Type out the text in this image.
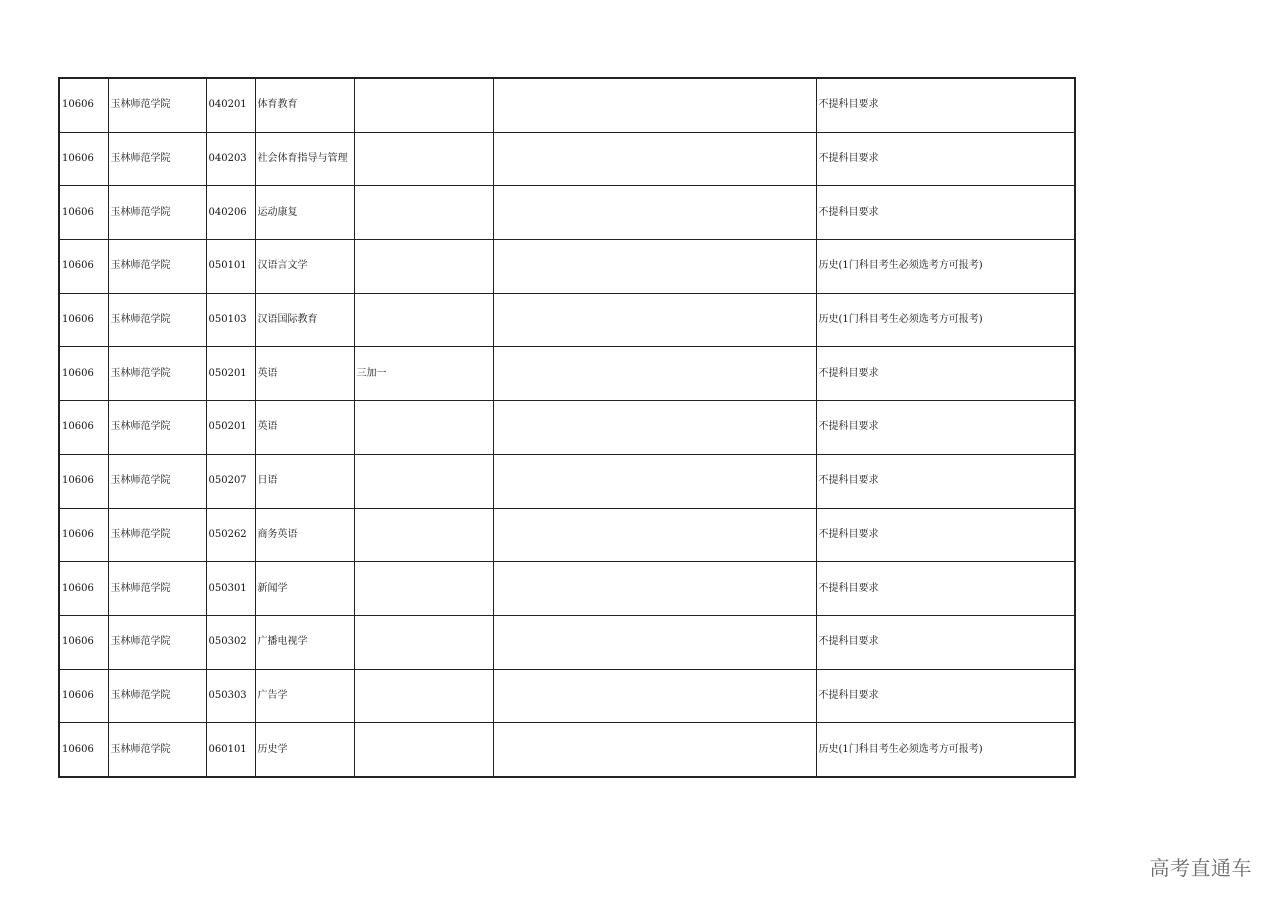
10606	玉林师范学院	040201	体育教育			不提科目要求
10606	玉林师范学院	040203	社会体育指导与管理			不提科目要求
10606	玉林师范学院	040206	运动康复			不提科目要求
10606	玉林师范学院	050101	汉语言文学			历史(1门科目考生必须选考方可报考)
10606	玉林师范学院	050103	汉语国际教育			历史(1门科目考生必须选考方可报考)
10606	玉林师范学院	050201	英语	三加一		不提科目要求
10606	玉林师范学院	050201	英语			不提科目要求
10606	玉林师范学院	050207	日语			不提科目要求
10606	玉林师范学院	050262	商务英语			不提科目要求
10606	玉林师范学院	050301	新闻学			不提科目要求
10606	玉林师范学院	050302	广播电视学			不提科目要求
10606	玉林师范学院	050303	广告学			不提科目要求
10606	玉林师范学院	060101	历史学			历史(1门科目考生必须选考方可报考)
高考直通车
